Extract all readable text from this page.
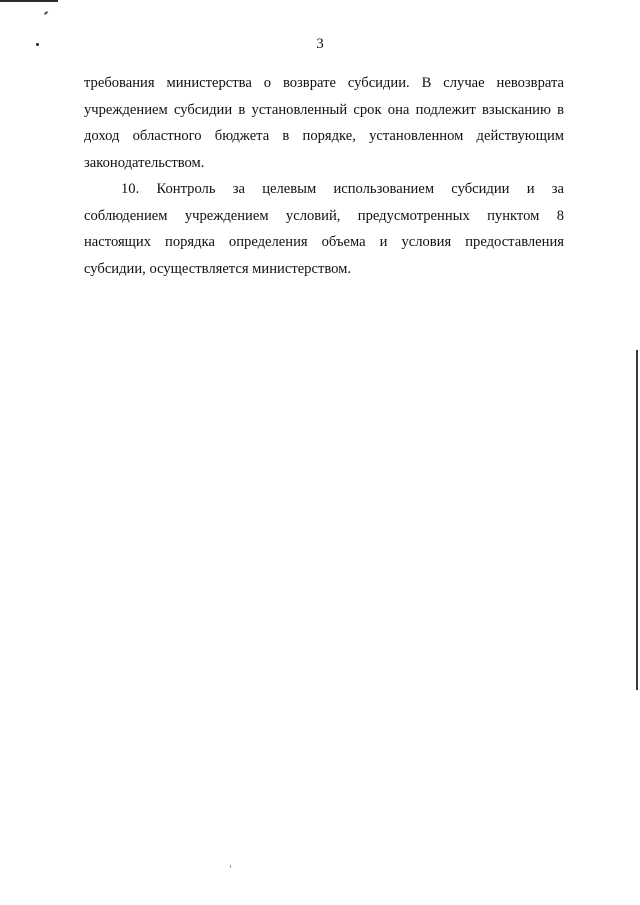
3
требования министерства о возврате субсидии. В случае невозврата
учреждением субсидии в установленный срок она подлежит взысканию в
доход областного бюджета в порядке, установленном действующим
законодательством.
10. Контроль за целевым использованием субсидии и за
соблюдением учреждением условий, предусмотренных пунктом 8
настоящих порядка определения объема и условия предоставления
субсидии, осуществляется министерством.
